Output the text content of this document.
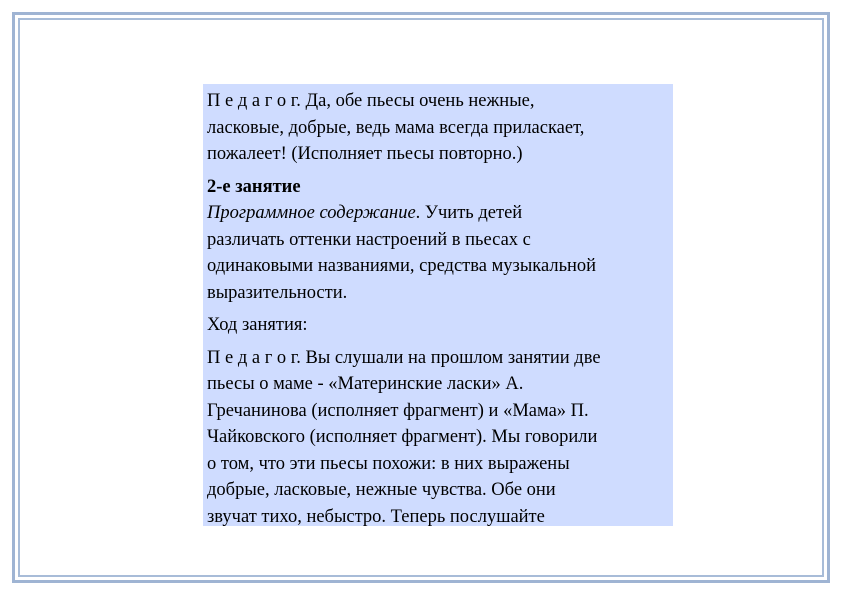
П е д а г о г. Да, обе пьесы очень нежные,
ласковые, добрые, ведь мама всегда приласкает,
пожалеет! (Исполняет пьесы повторно.)
2-е занятие
Программное содержание. Учить детей
различать оттенки настроений в пьесах с
одинаковыми названиями, средства музыкальной
выразительности.
Ход занятия:
П е д а г о г. Вы слушали на прошлом занятии две
пьесы о маме - «Материнские ласки» А.
Гречанинова (исполняет фрагмент) и «Мама» П.
Чайковского (исполняет фрагмент). Мы говорили
о том, что эти пьесы похожи: в них выражены
добрые, ласковые, нежные чувства. Обе они
звучат тихо, небыстро. Теперь послушайте
